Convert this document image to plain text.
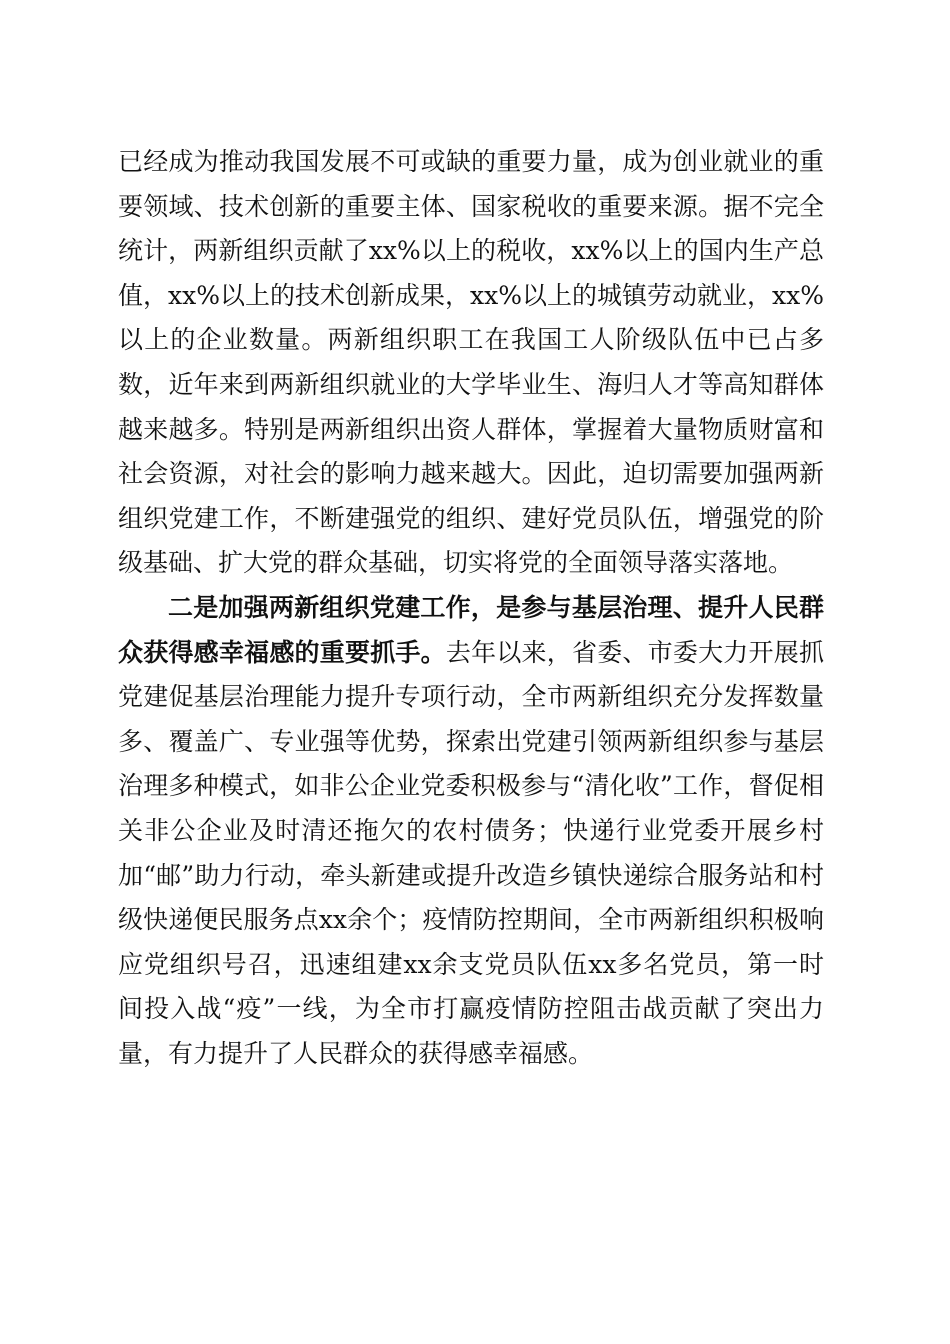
已经成为推动我国发展不可或缺的重要力量，成为创业就业的重要领域、技术创新的重要主体、国家税收的重要来源。据不完全统计，两新组织贡献了xx%以上的税收，xx%以上的国内生产总值，xx%以上的技术创新成果，xx%以上的城镇劳动就业，xx%以上的企业数量。两新组织职工在我国工人阶级队伍中已占多数，近年来到两新组织就业的大学毕业生、海归人才等高知群体越来越多。特别是两新组织出资人群体，掌握着大量物质财富和社会资源，对社会的影响力越来越大。因此，迫切需要加强两新组织党建工作，不断建强党的组织、建好党员队伍，增强党的阶级基础、扩大党的群众基础，切实将党的全面领导落实落地。

二是加强两新组织党建工作，是参与基层治理、提升人民群众获得感幸福感的重要抓手。去年以来，省委、市委大力开展抓党建促基层治理能力提升专项行动，全市两新组织充分发挥数量多、覆盖广、专业强等优势，探索出党建引领两新组织参与基层治理多种模式，如非公企业党委积极参与“清化收”工作，督促相关非公企业及时清还拖欠的农村债务；快递行业党委开展乡村加“邮”助力行动，牵头新建或提升改造乡镇快递综合服务站和村级快递便民服务点xx余个；疫情防控期间，全市两新组织积极响应党组织号召，迅速组建xx余支党员队伍xx多名党员，第一时间投入战“疫”一线，为全市打赢疫情防控阻击战贡献了突出力量，有力提升了人民群众的获得感幸福感。
